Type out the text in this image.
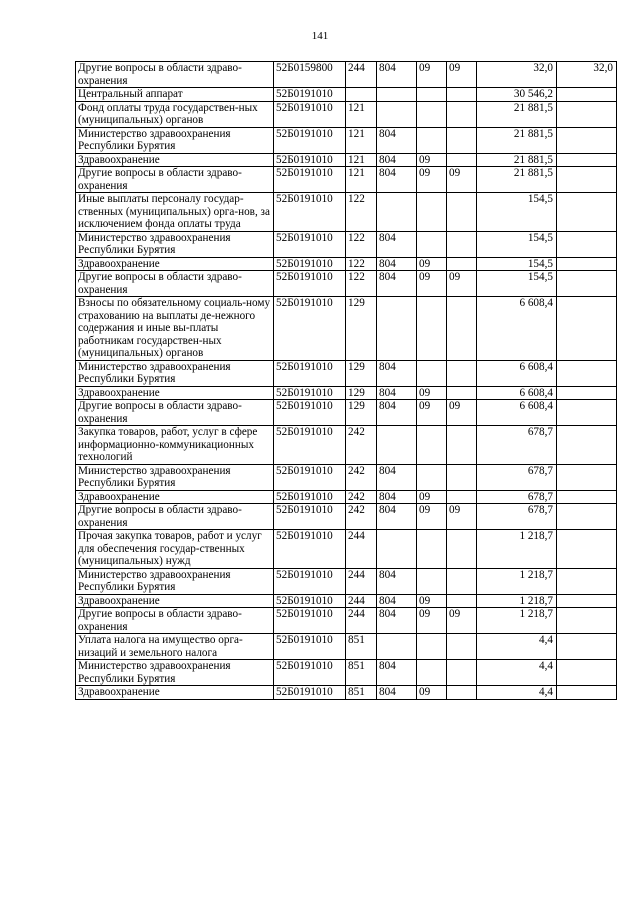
141
Другие вопросы в области здраво-охранения	52Б0159800	244	804	09	09	32,0	32,0
Центральный аппарат	52Б0191010					30 546,2	
Фонд оплаты труда государствен-ных (муниципальных) органов	52Б0191010	121				21 881,5	
Министерство здравоохранения Республики Бурятия	52Б0191010	121	804			21 881,5	
Здравоохранение	52Б0191010	121	804	09		21 881,5	
Другие вопросы в области здраво-охранения	52Б0191010	121	804	09	09	21 881,5	
Иные выплаты персоналу государ-ственных (муниципальных) орга-нов, за исключением фонда оплаты труда	52Б0191010	122				154,5	
Министерство здравоохранения Республики Бурятия	52Б0191010	122	804			154,5	
Здравоохранение	52Б0191010	122	804	09		154,5	
Другие вопросы в области здраво-охранения	52Б0191010	122	804	09	09	154,5	
Взносы по обязательному социаль-ному страхованию на выплаты де-нежного содержания и иные вы-платы работникам государствен-ных (муниципальных) органов	52Б0191010	129				6 608,4	
Министерство здравоохранения Республики Бурятия	52Б0191010	129	804			6 608,4	
Здравоохранение	52Б0191010	129	804	09		6 608,4	
Другие вопросы в области здраво-охранения	52Б0191010	129	804	09	09	6 608,4	
Закупка товаров, работ, услуг в сфере информационно-коммуникационных технологий	52Б0191010	242				678,7	
Министерство здравоохранения Республики Бурятия	52Б0191010	242	804			678,7	
Здравоохранение	52Б0191010	242	804	09		678,7	
Другие вопросы в области здраво-охранения	52Б0191010	242	804	09	09	678,7	
Прочая закупка товаров, работ и услуг для обеспечения государ-ственных (муниципальных) нужд	52Б0191010	244				1 218,7	
Министерство здравоохранения Республики Бурятия	52Б0191010	244	804			1 218,7	
Здравоохранение	52Б0191010	244	804	09		1 218,7	
Другие вопросы в области здраво-охранения	52Б0191010	244	804	09	09	1 218,7	
Уплата налога на имущество орга-низаций и земельного налога	52Б0191010	851				4,4	
Министерство здравоохранения Республики Бурятия	52Б0191010	851	804			4,4	
Здравоохранение	52Б0191010	851	804	09		4,4	
